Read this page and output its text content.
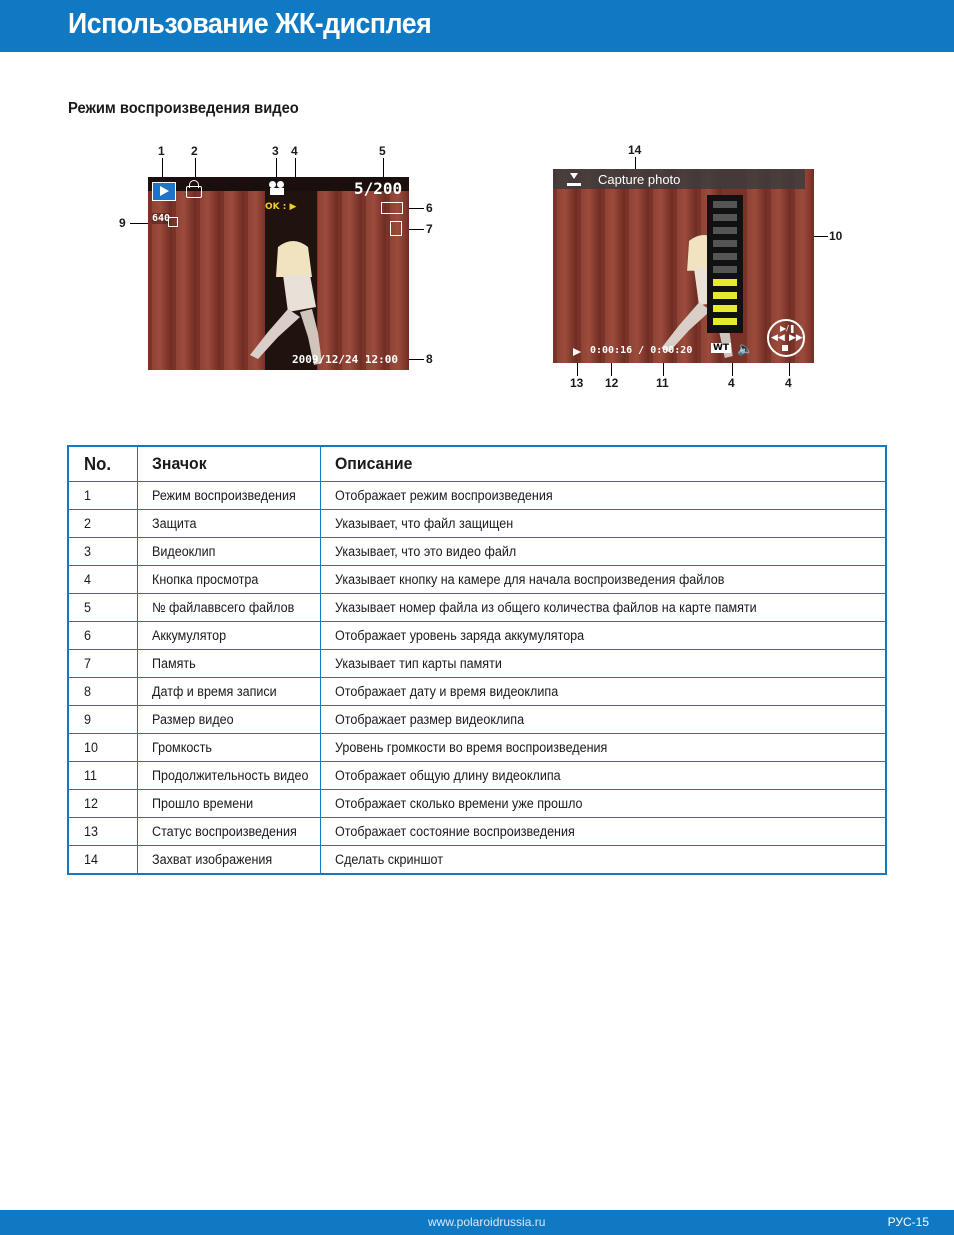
Использование ЖК-дисплея
Режим воспроизведения видео
1 2	3 4	5
6
7
8
9
OK : ▶
5/200
640
2009/12/24 12:00
14
10
13 12	11	4	4
Capture photo
0:00:16 / 0:00:20 WT 🔈
▶/❚
◀◀ ▶▶
No.	Значок	Описание
1	Режим воспроизведения	Отображает режим воспроизведения
2	Защита	Указывает, что файл защищен
3	Видеоклип	Указывает, что это видео файл
4	Кнопка просмотра	Указывает кнопку на камере для начала воспроизведения файлов
5	№ файлаввсего файлов	Указывает номер файла из общего количества файлов на карте памяти
6	Аккумулятор	Отображает уровень заряда аккумулятора
7	Память	Указывает тип карты памяти
8	Датф и время записи	Отображает дату и время видеоклипа
9	Размер видео	Отображает размер видеоклипа
10	Громкость	Уровень громкости во время воспроизведения
11	Продолжительность видео	Отображает общую длину видеоклипа
12	Прошло времени	Отображает сколько времени уже прошло
13	Статус воспроизведения	Отображает состояние воспроизведения
14	Захват изображения	Сделать скриншот
www.polaroidrussia.ru	РУС-15
